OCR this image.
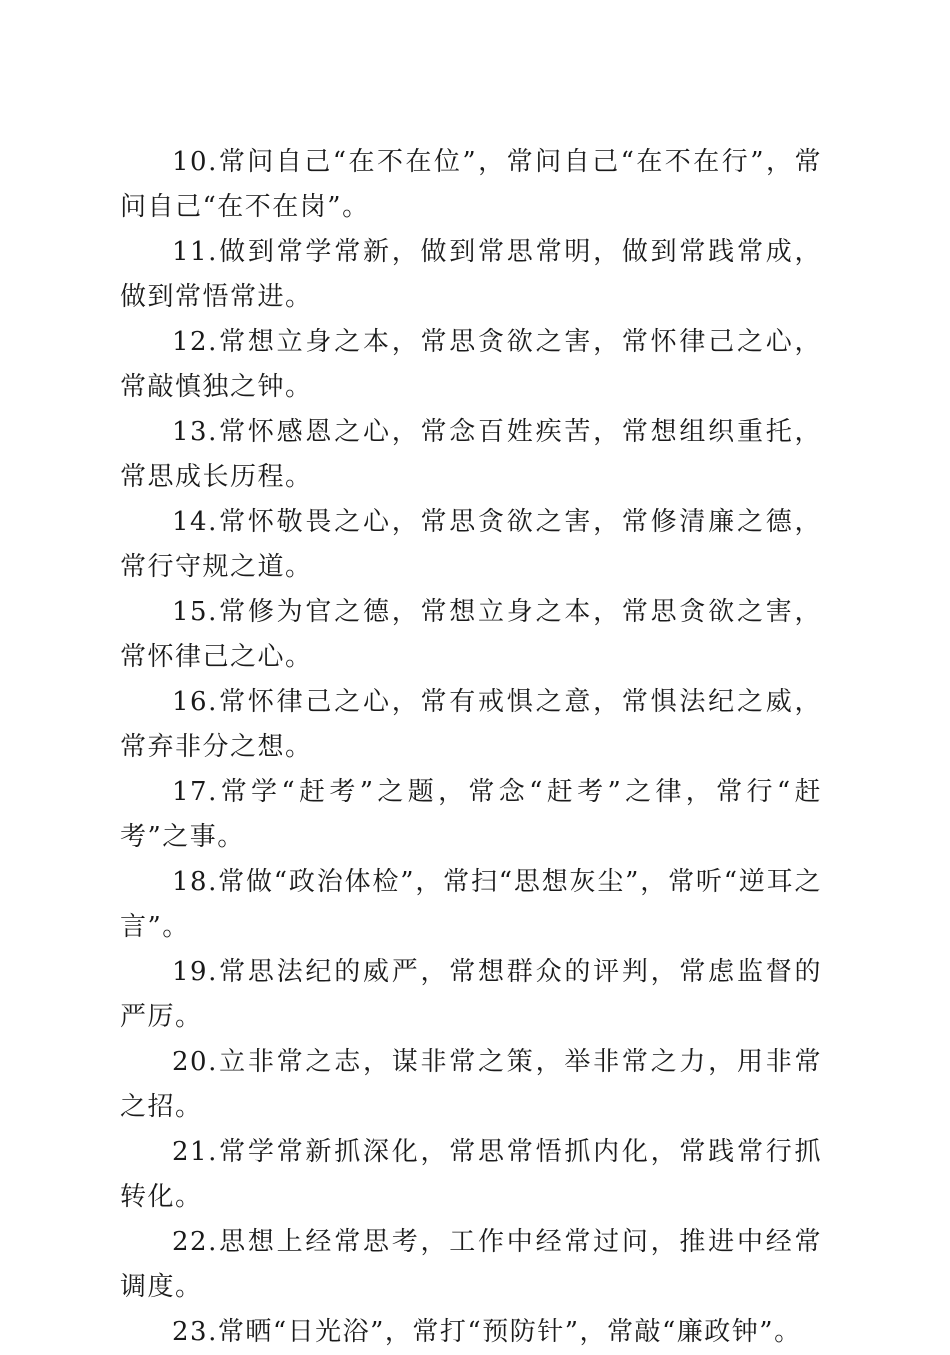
10.常问自己“在不在位”，常问自己“在不在行”，常问自己“在不在岗”。

11.做到常学常新，做到常思常明，做到常践常成，做到常悟常进。

12.常想立身之本，常思贪欲之害，常怀律己之心，常敲慎独之钟。

13.常怀感恩之心，常念百姓疾苦，常想组织重托，常思成长历程。

14.常怀敬畏之心，常思贪欲之害，常修清廉之德，常行守规之道。

15.常修为官之德，常想立身之本，常思贪欲之害，常怀律己之心。

16.常怀律己之心，常有戒惧之意，常惧法纪之威，常弃非分之想。

17.常学“赶考”之题，常念“赶考”之律，常行“赶考”之事。

18.常做“政治体检”，常扫“思想灰尘”，常听“逆耳之言”。

19.常思法纪的威严，常想群众的评判，常虑监督的严厉。

20.立非常之志，谋非常之策，举非常之力，用非常之招。

21.常学常新抓深化，常思常悟抓内化，常践常行抓转化。

22.思想上经常思考，工作中经常过问，推进中经常调度。

23.常晒“日光浴”，常打“预防针”，常敲“廉政钟”。
